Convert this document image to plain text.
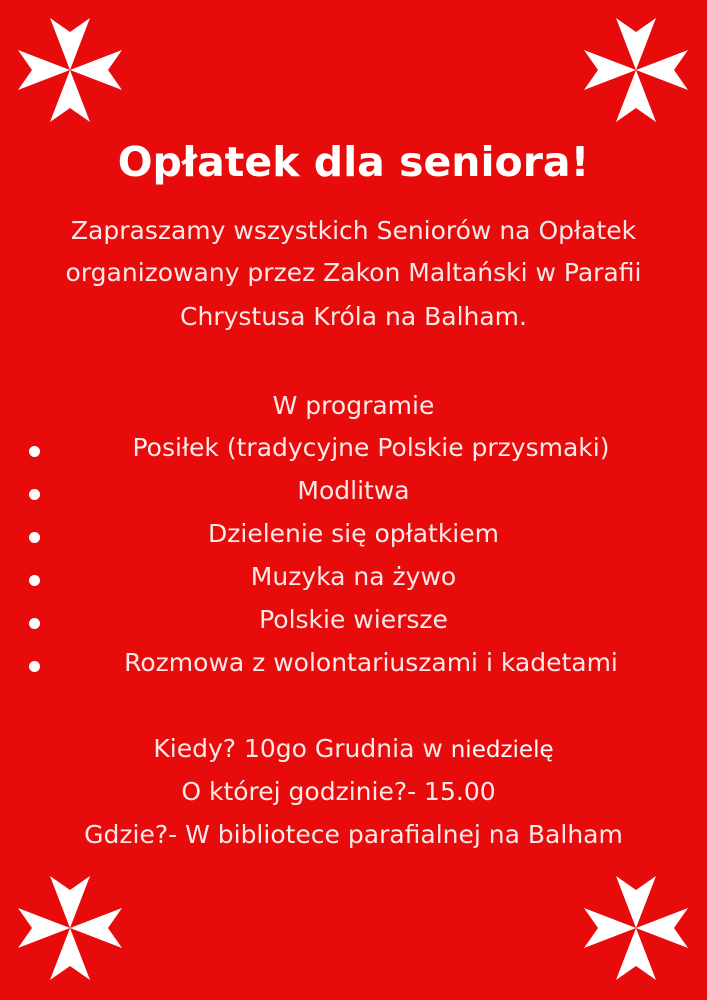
Opłatek dla seniora!
Zapraszamy wszystkich Seniorów na Opłatek
organizowany przez Zakon Maltański w Parafii
Chrystusa Króla na Balham.
W programie
Posiłek (tradycyjne Polskie przysmaki)
Modlitwa
Dzielenie się opłatkiem
Muzyka na żywo
Polskie wiersze
Rozmowa z wolontariuszami i kadetami
Kiedy? 10go Grudnia w niedzielę
O której godzinie?- 15.00
Gdzie?- W bibliotece parafialnej na Balham
